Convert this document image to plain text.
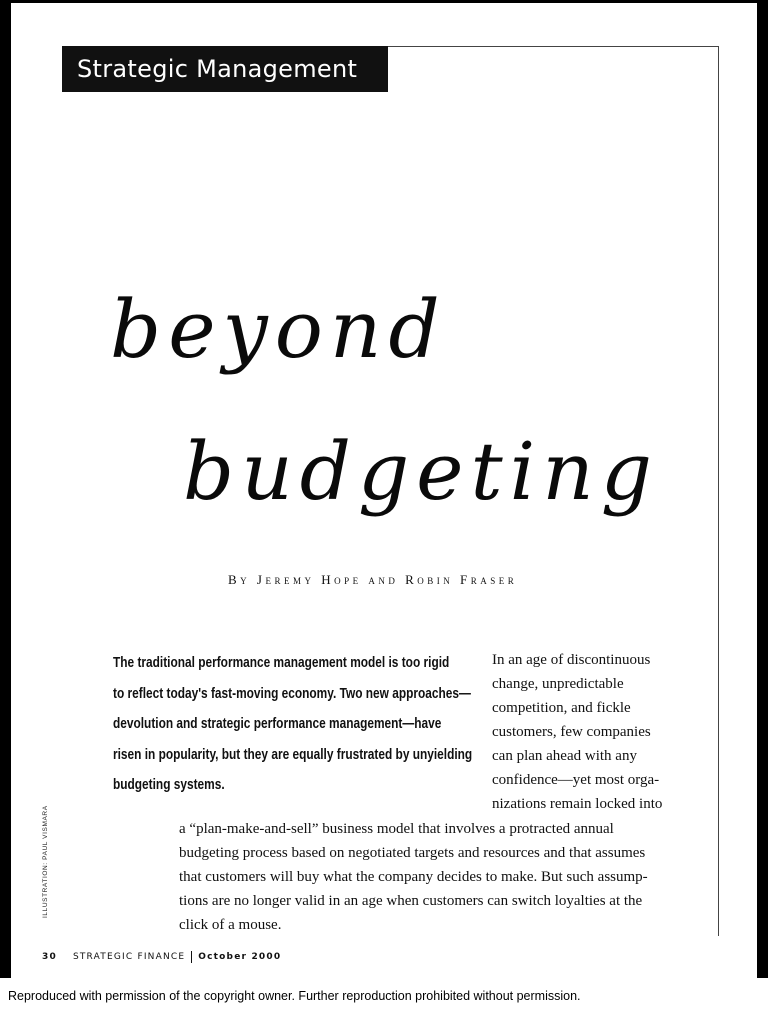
Strategic Management
beyond
budgeting
By Jeremy Hope and Robin Fraser
The traditional performance management model is too rigid
to reflect today's fast-moving economy. Two new approaches—
devolution and strategic performance management—have
risen in popularity, but they are equally frustrated by unyielding
budgeting systems.
In an age of discontinuous
change, unpredictable
competition, and fickle
customers, few companies
can plan ahead with any
confidence—yet most orga-
nizations remain locked into
a “plan-make-and-sell” business model that involves a protracted annual
budgeting process based on negotiated targets and resources and that assumes
that customers will buy what the company decides to make. But such assump-
tions are no longer valid in an age when customers can switch loyalties at the
click of a mouse.
ILLUSTRATION: PAUL VISMARA
30 STRATEGIC FINANCE October 2000
Reproduced with permission of the copyright owner. Further reproduction prohibited without permission.
